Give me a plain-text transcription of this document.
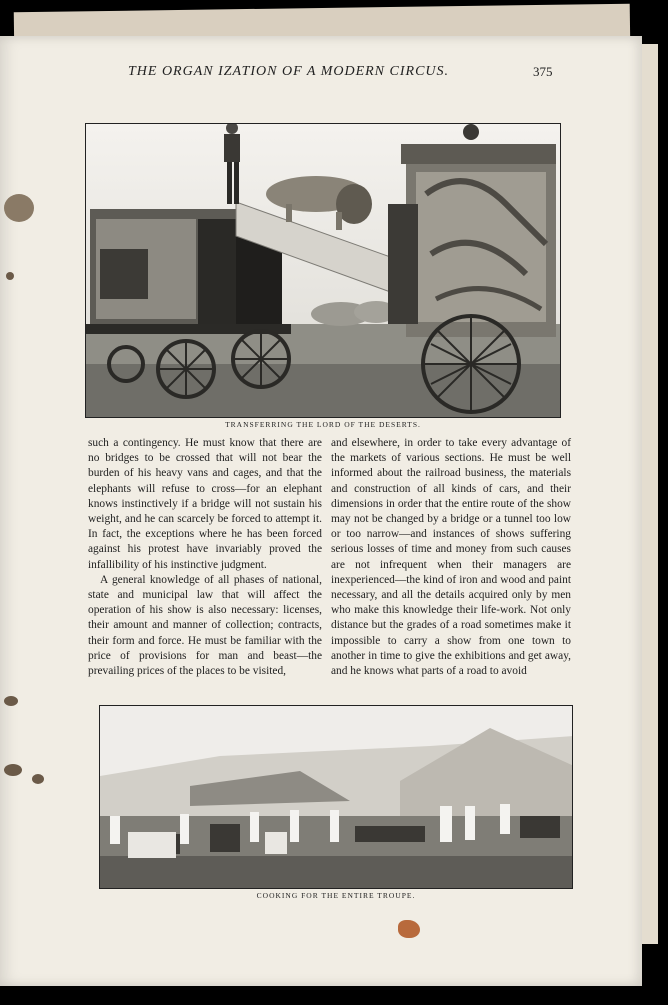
THE ORGAN IZATION OF A MODERN CIRCUS.	375
TRANSFERRING THE LORD OF THE DESERTS.

such a contingency. He must know that there are no bridges to be crossed that will not bear the burden of his heavy vans and cages, and that the elephants will refuse to cross—for an elephant knows instinctively if a bridge will not sustain his weight, and he can scarcely be forced to attempt it. In fact, the exceptions where he has been forced against his protest have invariably proved the infallibility of his instinctive judgment.

A general knowledge of all phases of national, state and municipal law that will affect the operation of his show is also necessary: licenses, their amount and manner of collection; contracts, their form and force. He must be familiar with the price of provisions for man and beast—the prevailing prices of the places to be visited,

and elsewhere, in order to take every advantage of the markets of various sections. He must be well informed about the railroad business, the materials and construction of all kinds of cars, and their dimensions in order that the entire route of the show may not be changed by a bridge or a tunnel too low or too narrow—and instances of shows suffering serious losses of time and money from such causes are not infrequent when their managers are inexperienced—the kind of iron and wood and paint necessary, and all the details acquired only by men who make this knowledge their life-work. Not only distance but the grades of a road sometimes make it impossible to carry a show from one town to another in time to give the exhibitions and get away, and he knows what parts of a road to avoid

COOKING FOR THE ENTIRE TROUPE.
